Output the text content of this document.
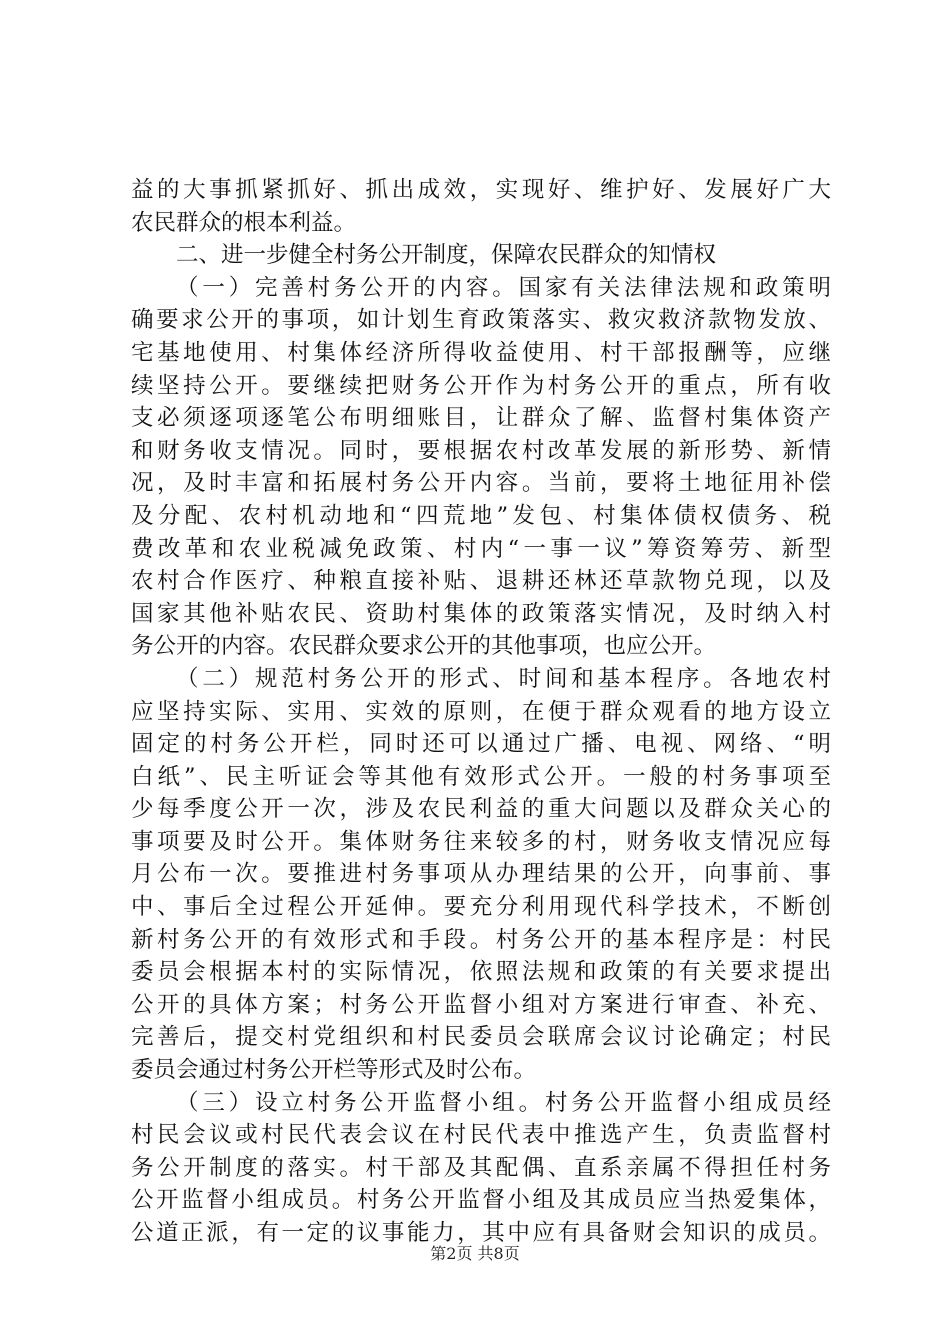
益的大事抓紧抓好、抓出成效，实现好、维护好、发展好广大
农民群众的根本利益。
二、进一步健全村务公开制度，保障农民群众的知情权
（一）完善村务公开的内容。国家有关法律法规和政策明
确要求公开的事项，如计划生育政策落实、救灾救济款物发放、
宅基地使用、村集体经济所得收益使用、村干部报酬等，应继
续坚持公开。要继续把财务公开作为村务公开的重点，所有收
支必须逐项逐笔公布明细账目，让群众了解、监督村集体资产
和财务收支情况。同时，要根据农村改革发展的新形势、新情
况，及时丰富和拓展村务公开内容。当前，要将土地征用补偿
及分配、农村机动地和“四荒地”发包、村集体债权债务、税
费改革和农业税减免政策、村内“一事一议”筹资筹劳、新型
农村合作医疗、种粮直接补贴、退耕还林还草款物兑现，以及
国家其他补贴农民、资助村集体的政策落实情况，及时纳入村
务公开的内容。农民群众要求公开的其他事项，也应公开。
（二）规范村务公开的形式、时间和基本程序。各地农村
应坚持实际、实用、实效的原则，在便于群众观看的地方设立
固定的村务公开栏，同时还可以通过广播、电视、网络、“明
白纸”、民主听证会等其他有效形式公开。一般的村务事项至
少每季度公开一次，涉及农民利益的重大问题以及群众关心的
事项要及时公开。集体财务往来较多的村，财务收支情况应每
月公布一次。要推进村务事项从办理结果的公开，向事前、事
中、事后全过程公开延伸。要充分利用现代科学技术，不断创
新村务公开的有效形式和手段。村务公开的基本程序是：村民
委员会根据本村的实际情况，依照法规和政策的有关要求提出
公开的具体方案；村务公开监督小组对方案进行审查、补充、
完善后，提交村党组织和村民委员会联席会议讨论确定；村民
委员会通过村务公开栏等形式及时公布。
（三）设立村务公开监督小组。村务公开监督小组成员经
村民会议或村民代表会议在村民代表中推选产生，负责监督村
务公开制度的落实。村干部及其配偶、直系亲属不得担任村务
公开监督小组成员。村务公开监督小组及其成员应当热爱集体，
公道正派，有一定的议事能力，其中应有具备财会知识的成员。
第2页 共8页
